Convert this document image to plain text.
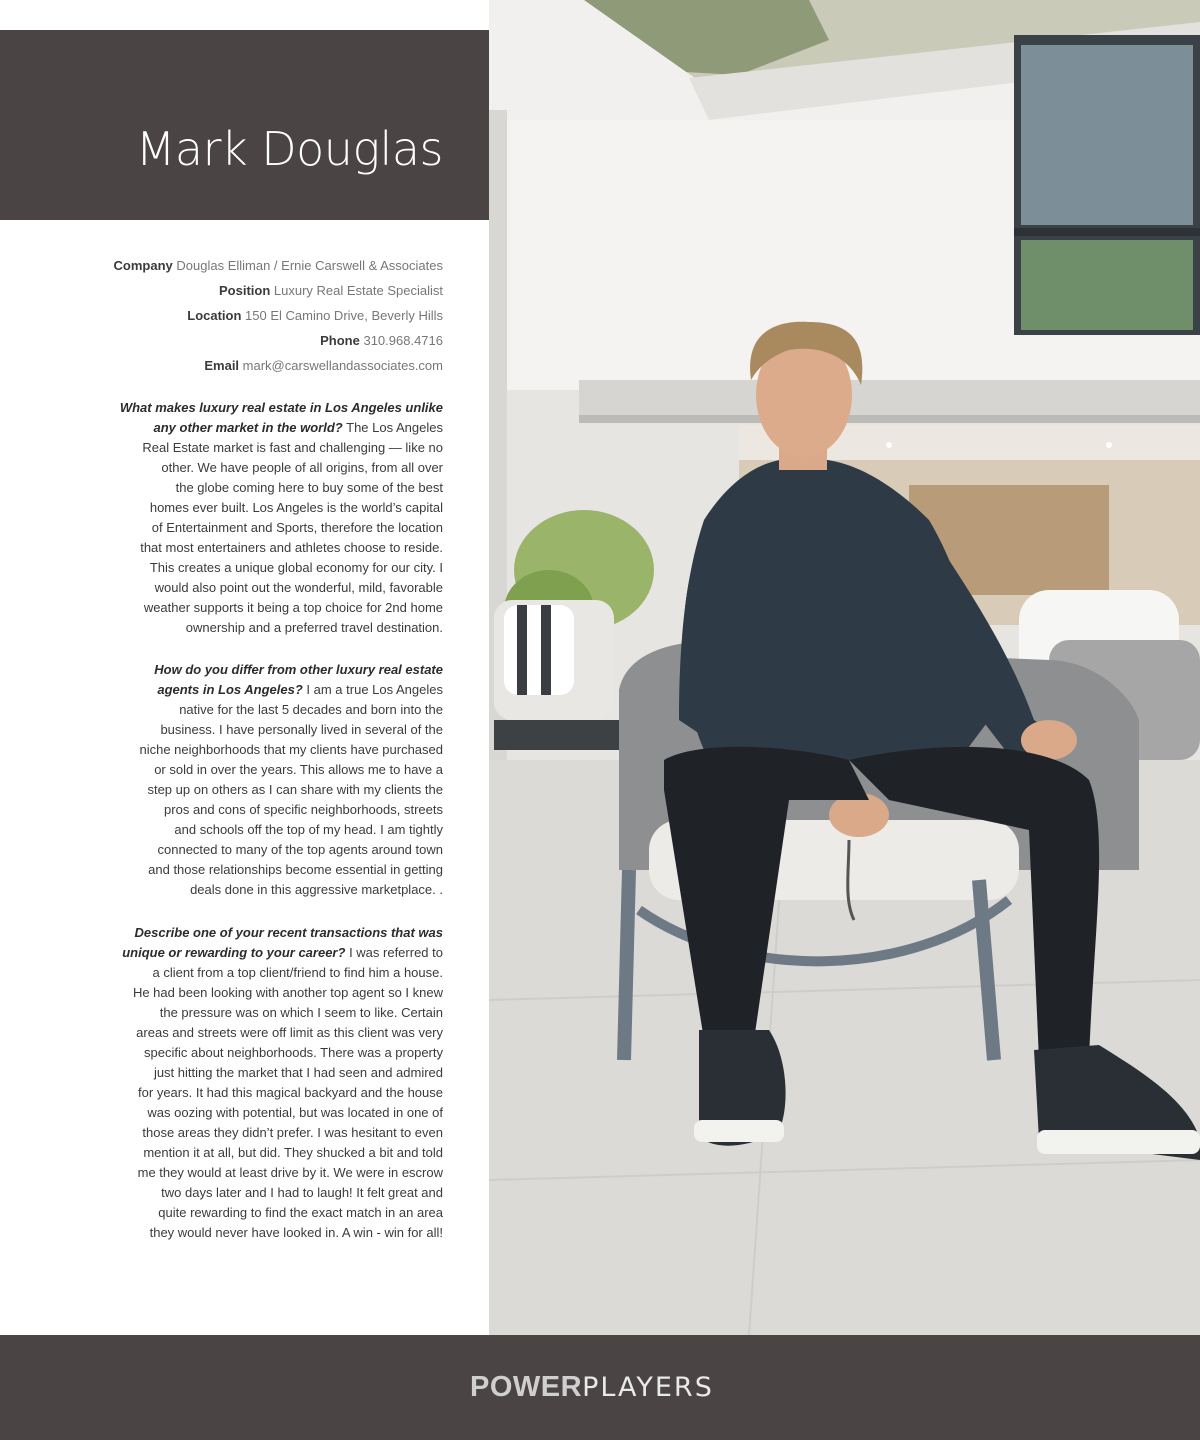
Mark Douglas
Company Douglas Elliman / Ernie Carswell & Associates
Position Luxury Real Estate Specialist
Location 150 El Camino Drive, Beverly Hills
Phone 310.968.4716
Email mark@carswellandassociates.com
What makes luxury real estate in Los Angeles unlike
any other market in the world? The Los Angeles
Real Estate market is fast and challenging — like no
other. We have people of all origins, from all over
the globe coming here to buy some of the best
homes ever built. Los Angeles is the world’s capital
of Entertainment and Sports, therefore the location
that most entertainers and athletes choose to reside.
This creates a unique global economy for our city. I
would also point out the wonderful, mild, favorable
weather supports it being a top choice for 2nd home
ownership and a preferred travel destination.
How do you differ from other luxury real estate
agents in Los Angeles? I am a true Los Angeles
native for the last 5 decades and born into the
business. I have personally lived in several of the
niche neighborhoods that my clients have purchased
or sold in over the years. This allows me to have a
step up on others as I can share with my clients the
pros and cons of specific neighborhoods, streets
and schools off the top of my head. I am tightly
connected to many of the top agents around town
and those relationships become essential in getting
deals done in this aggressive marketplace. .
Describe one of your recent transactions that was
unique or rewarding to your career? I was referred to
a client from a top client/friend to find him a house.
He had been looking with another top agent so I knew
the pressure was on which I seem to like. Certain
areas and streets were off limit as this client was very
specific about neighborhoods. There was a property
just hitting the market that I had seen and admired
for years. It had this magical backyard and the house
was oozing with potential, but was located in one of
those areas they didn’t prefer. I was hesitant to even
mention it at all, but did. They shucked a bit and told
me they would at least drive by it. We were in escrow
two days later and I had to laugh! It felt great and
quite rewarding to find the exact match in an area
they would never have looked in. A win - win for all!
POWERPLAYERS
